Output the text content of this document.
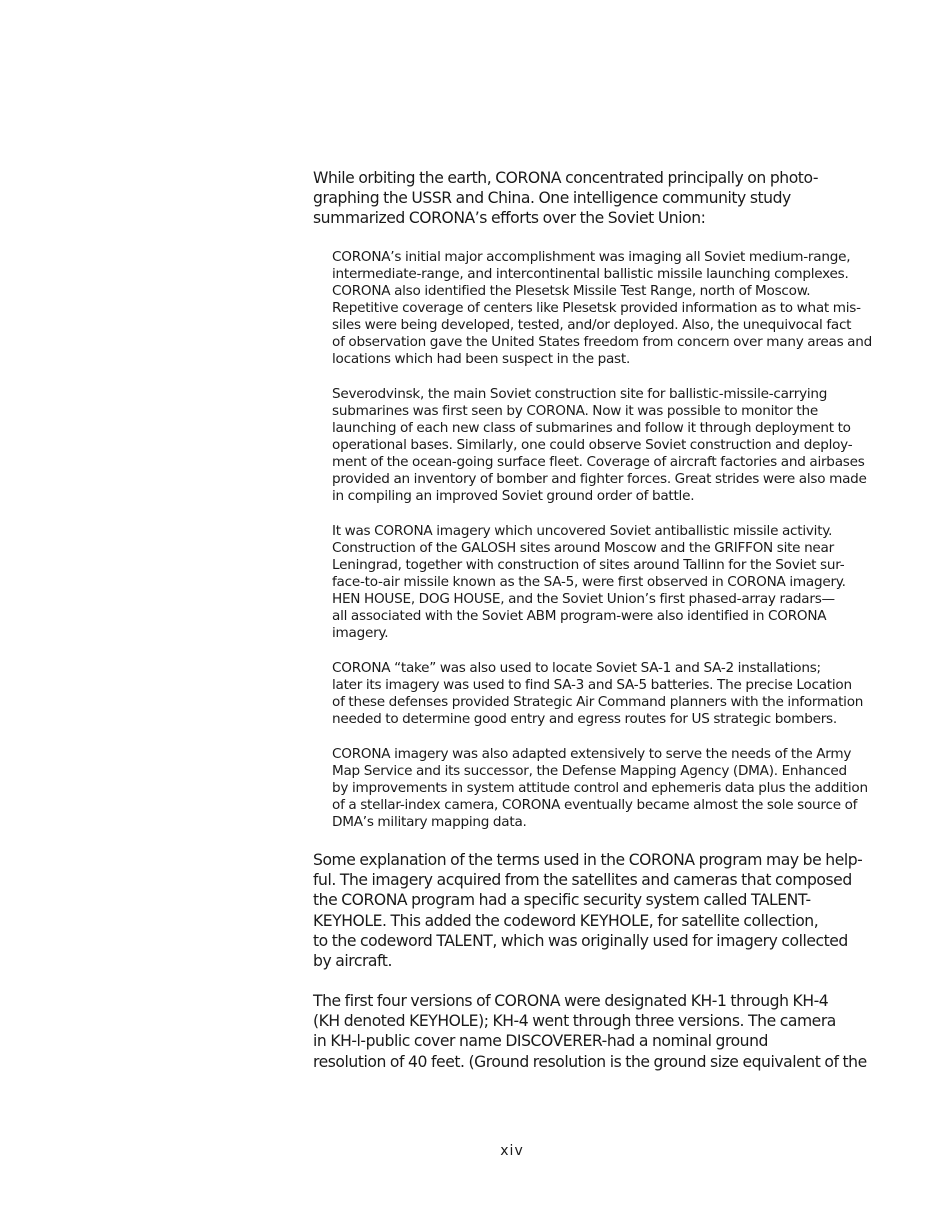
While orbiting the earth, CORONA concentrated principally on photo-
graphing the USSR and China. One intelligence community study
summarized CORONA’s efforts over the Soviet Union:
CORONA’s initial major accomplishment was imaging all Soviet medium-range,
intermediate-range, and intercontinental ballistic missile launching complexes.
CORONA also identified the Plesetsk Missile Test Range, north of Moscow.
Repetitive coverage of centers like Plesetsk provided information as to what mis-
siles were being developed, tested, and/or deployed. Also, the unequivocal fact
of observation gave the United States freedom from concern over many areas and
locations which had been suspect in the past.
Severodvinsk, the main Soviet construction site for ballistic-missile-carrying
submarines was first seen by CORONA. Now it was possible to monitor the
launching of each new class of submarines and follow it through deployment to
operational bases. Similarly, one could observe Soviet construction and deploy-
ment of the ocean-going surface fleet. Coverage of aircraft factories and airbases
provided an inventory of bomber and fighter forces. Great strides were also made
in compiling an improved Soviet ground order of battle.
It was CORONA imagery which uncovered Soviet antiballistic missile activity.
Construction of the GALOSH sites around Moscow and the GRIFFON site near
Leningrad, together with construction of sites around Tallinn for the Soviet sur-
face-to-air missile known as the SA-5, were first observed in CORONA imagery.
HEN HOUSE, DOG HOUSE, and the Soviet Union’s first phased-array radars—
all associated with the Soviet ABM program-were also identified in CORONA
imagery.
CORONA “take” was also used to locate Soviet SA-1 and SA-2 installations;
later its imagery was used to find SA-3 and SA-5 batteries. The precise Location
of these defenses provided Strategic Air Command planners with the information
needed to determine good entry and egress routes for US strategic bombers.
CORONA imagery was also adapted extensively to serve the needs of the Army
Map Service and its successor, the Defense Mapping Agency (DMA). Enhanced
by improvements in system attitude control and ephemeris data plus the addition
of a stellar-index camera, CORONA eventually became almost the sole source of
DMA’s military mapping data.
Some explanation of the terms used in the CORONA program may be help-
ful. The imagery acquired from the satellites and cameras that composed
the CORONA program had a specific security system called TALENT-
KEYHOLE. This added the codeword KEYHOLE, for satellite collection,
to the codeword TALENT, which was originally used for imagery collected
by aircraft.
The first four versions of CORONA were designated KH-1 through KH-4
(KH denoted KEYHOLE); KH-4 went through three versions. The camera
in KH-l-public cover name DISCOVERER-had a nominal ground
resolution of 40 feet. (Ground resolution is the ground size equivalent of the
xiv
